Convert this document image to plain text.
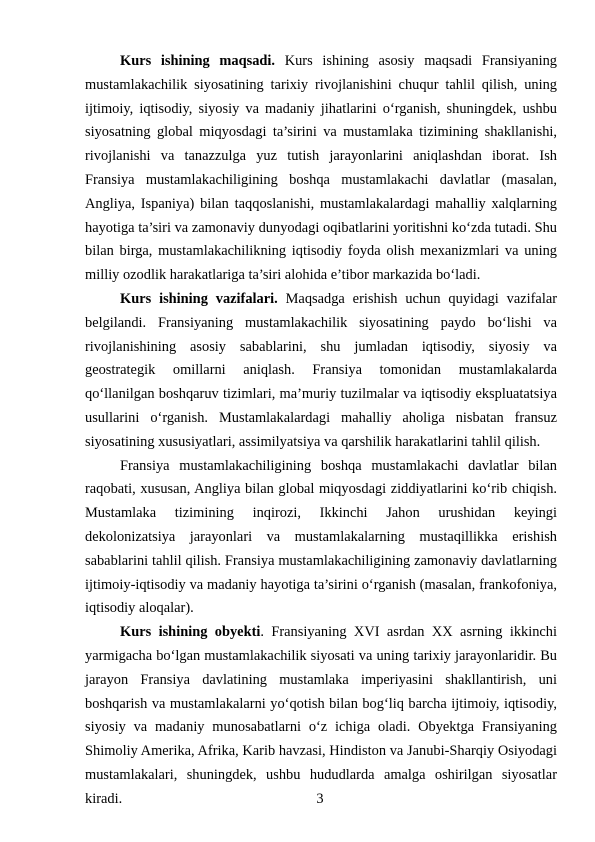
Kurs ishining maqsadi. Kurs ishining asosiy maqsadi Fransiyaning mustamlakachilik siyosatining tarixiy rivojlanishini chuqur tahlil qilish, uning ijtimoiy, iqtisodiy, siyosiy va madaniy jihatlarini o‘rganish, shuningdek, ushbu siyosatning global miqyosdagi ta’sirini va mustamlaka tizimining shakllanishi, rivojlanishi va tanazzulga yuz tutish jarayonlarini aniqlashdan iborat. Ish Fransiya mustamlakachiligining boshqa mustamlakachi davlatlar (masalan, Angliya, Ispaniya) bilan taqqoslanishi, mustamlakalardagi mahalliy xalqlarning hayotiga ta’siri va zamonaviy dunyodagi oqibatlarini yoritishni ko‘zda tutadi. Shu bilan birga, mustamlakachilikning iqtisodiy foyda olish mexanizmlari va uning milliy ozodlik harakatlariga ta’siri alohida e’tibor markazida bo‘ladi.

Kurs ishining vazifalari. Maqsadga erishish uchun quyidagi vazifalar belgilandi. Fransiyaning mustamlakachilik siyosatining paydo bo‘lishi va rivojlanishining asosiy sabablarini, shu jumladan iqtisodiy, siyosiy va geostrategik omillarni aniqlash. Fransiya tomonidan mustamlakalarda qo‘llanilgan boshqaruv tizimlari, ma’muriy tuzilmalar va iqtisodiy ekspluatatsiya usullarini o‘rganish. Mustamlakalardagi mahalliy aholiga nisbatan fransuz siyosatining xususiyatlari, assimilyatsiya va qarshilik harakatlarini tahlil qilish.

Fransiya mustamlakachiligining boshqa mustamlakachi davlatlar bilan raqobati, xususan, Angliya bilan global miqyosdagi ziddiyatlarini ko‘rib chiqish. Mustamlaka tizimining inqirozi, Ikkinchi Jahon urushidan keyingi dekolonizatsiya jarayonlari va mustamlakalarning mustaqillikka erishish sabablarini tahlil qilish. Fransiya mustamlakachiligining zamonaviy davlatlarning ijtimoiy-iqtisodiy va madaniy hayotiga ta’sirini o‘rganish (masalan, frankofoniya, iqtisodiy aloqalar).

Kurs ishining obyekti. Fransiyaning XVI asrdan XX asrning ikkinchi yarmigacha bo‘lgan mustamlakachilik siyosati va uning tarixiy jarayonlaridir. Bu jarayon Fransiya davlatining mustamlaka imperiyasini shakllantirish, uni boshqarish va mustamlakalarni yo‘qotish bilan bog‘liq barcha ijtimoiy, iqtisodiy, siyosiy va madaniy munosabatlarni o‘z ichiga oladi. Obyektga Fransiyaning Shimoliy Amerika, Afrika, Karib havzasi, Hindiston va Janubi-Sharqiy Osiyodagi mustamlakalari, shuningdek, ushbu hududlarda amalga oshirilgan siyosatlar kiradi.	3
